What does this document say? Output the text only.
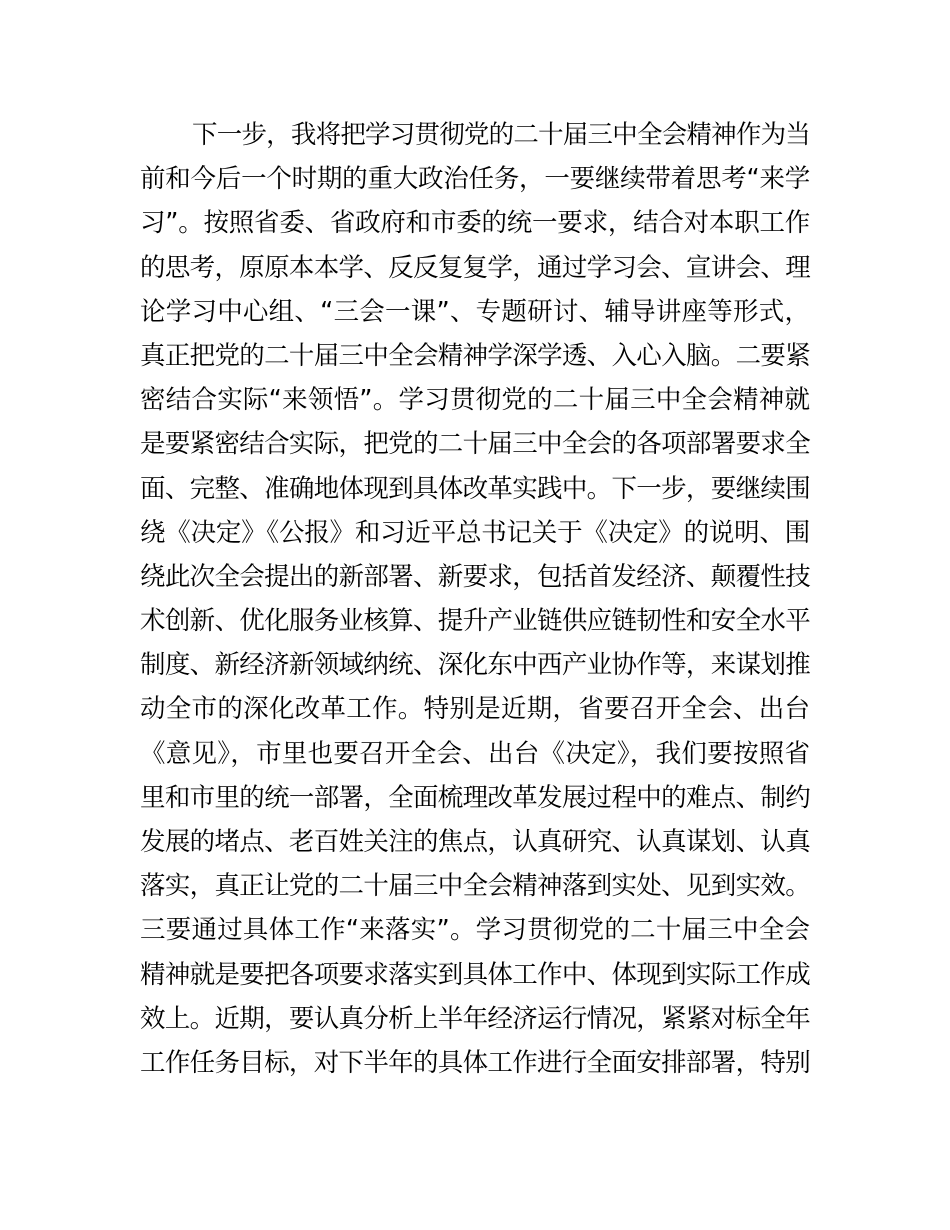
下一步，我将把学习贯彻党的二十届三中全会精神作为当
前和今后一个时期的重大政治任务，一要继续带着思考“来学
习”。按照省委、省政府和市委的统一要求，结合对本职工作
的思考，原原本本学、反反复复学，通过学习会、宣讲会、理
论学习中心组、“三会一课”、专题研讨、辅导讲座等形式，
真正把党的二十届三中全会精神学深学透、入心入脑。二要紧
密结合实际“来领悟”。学习贯彻党的二十届三中全会精神就
是要紧密结合实际，把党的二十届三中全会的各项部署要求全
面、完整、准确地体现到具体改革实践中。下一步，要继续围
绕《决定》《公报》和习近平总书记关于《决定》的说明、围
绕此次全会提出的新部署、新要求，包括首发经济、颠覆性技
术创新、优化服务业核算、提升产业链供应链韧性和安全水平
制度、新经济新领域纳统、深化东中西产业协作等，来谋划推
动全市的深化改革工作。特别是近期，省要召开全会、出台
《意见》，市里也要召开全会、出台《决定》，我们要按照省
里和市里的统一部署，全面梳理改革发展过程中的难点、制约
发展的堵点、老百姓关注的焦点，认真研究、认真谋划、认真
落实，真正让党的二十届三中全会精神落到实处、见到实效。
三要通过具体工作“来落实”。学习贯彻党的二十届三中全会
精神就是要把各项要求落实到具体工作中、体现到实际工作成
效上。近期，要认真分析上半年经济运行情况，紧紧对标全年
工作任务目标，对下半年的具体工作进行全面安排部署，特别
